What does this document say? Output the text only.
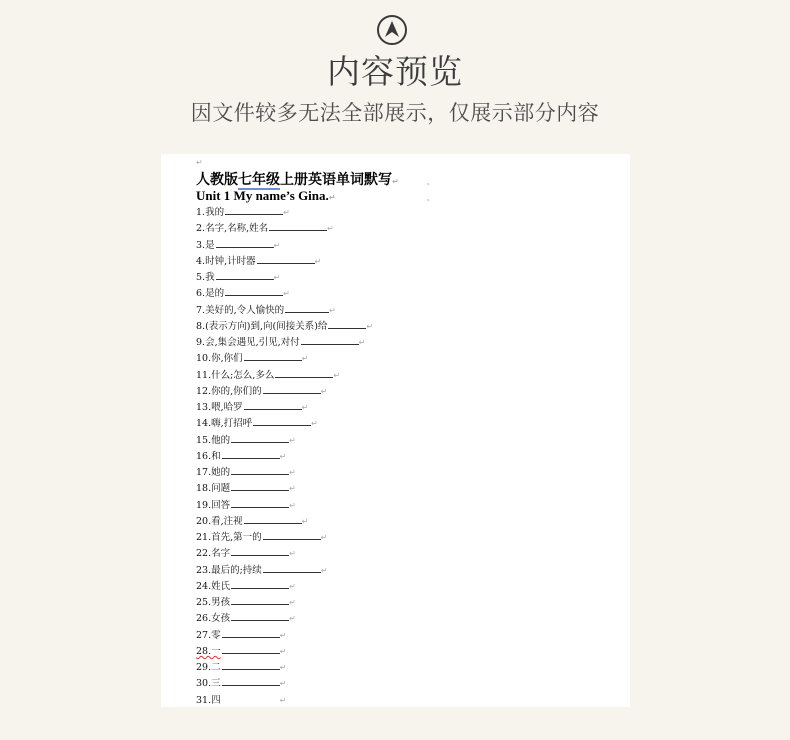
内容预览
因文件较多无法全部展示，仅展示部分内容
↵
⸗
⸗
人教版七年级上册英语单词默写↵
Unit 1 My name’s Gina.↵
1.我的	↵
2.名字,名称,姓名	↵
3.是	↵
4.时钟,计时器	↵
5.我	↵
6.是的	↵
7.美好的,令人愉快的	↵
8.(表示方向)到,向(间接关系)给	↵
9.会,集会遇见,引见,对付	↵
10.你,你们	↵
11.什么;怎么,多么	↵
12.你的,你们的	↵
13.喂,哈罗	↵
14.嗨,打招呼	↵
15.他的	↵
16.和	↵
17.她的	↵
18.问题	↵
19.回答	↵
20.看,注视	↵
21.首先,第一的	↵
22.名字	↵
23.最后的;持续	↵
24.姓氏	↵
25.男孩	↵
26.女孩	↵
27.零	↵
28.一	↵
29.二	↵
30.三	↵
31.四	↵
